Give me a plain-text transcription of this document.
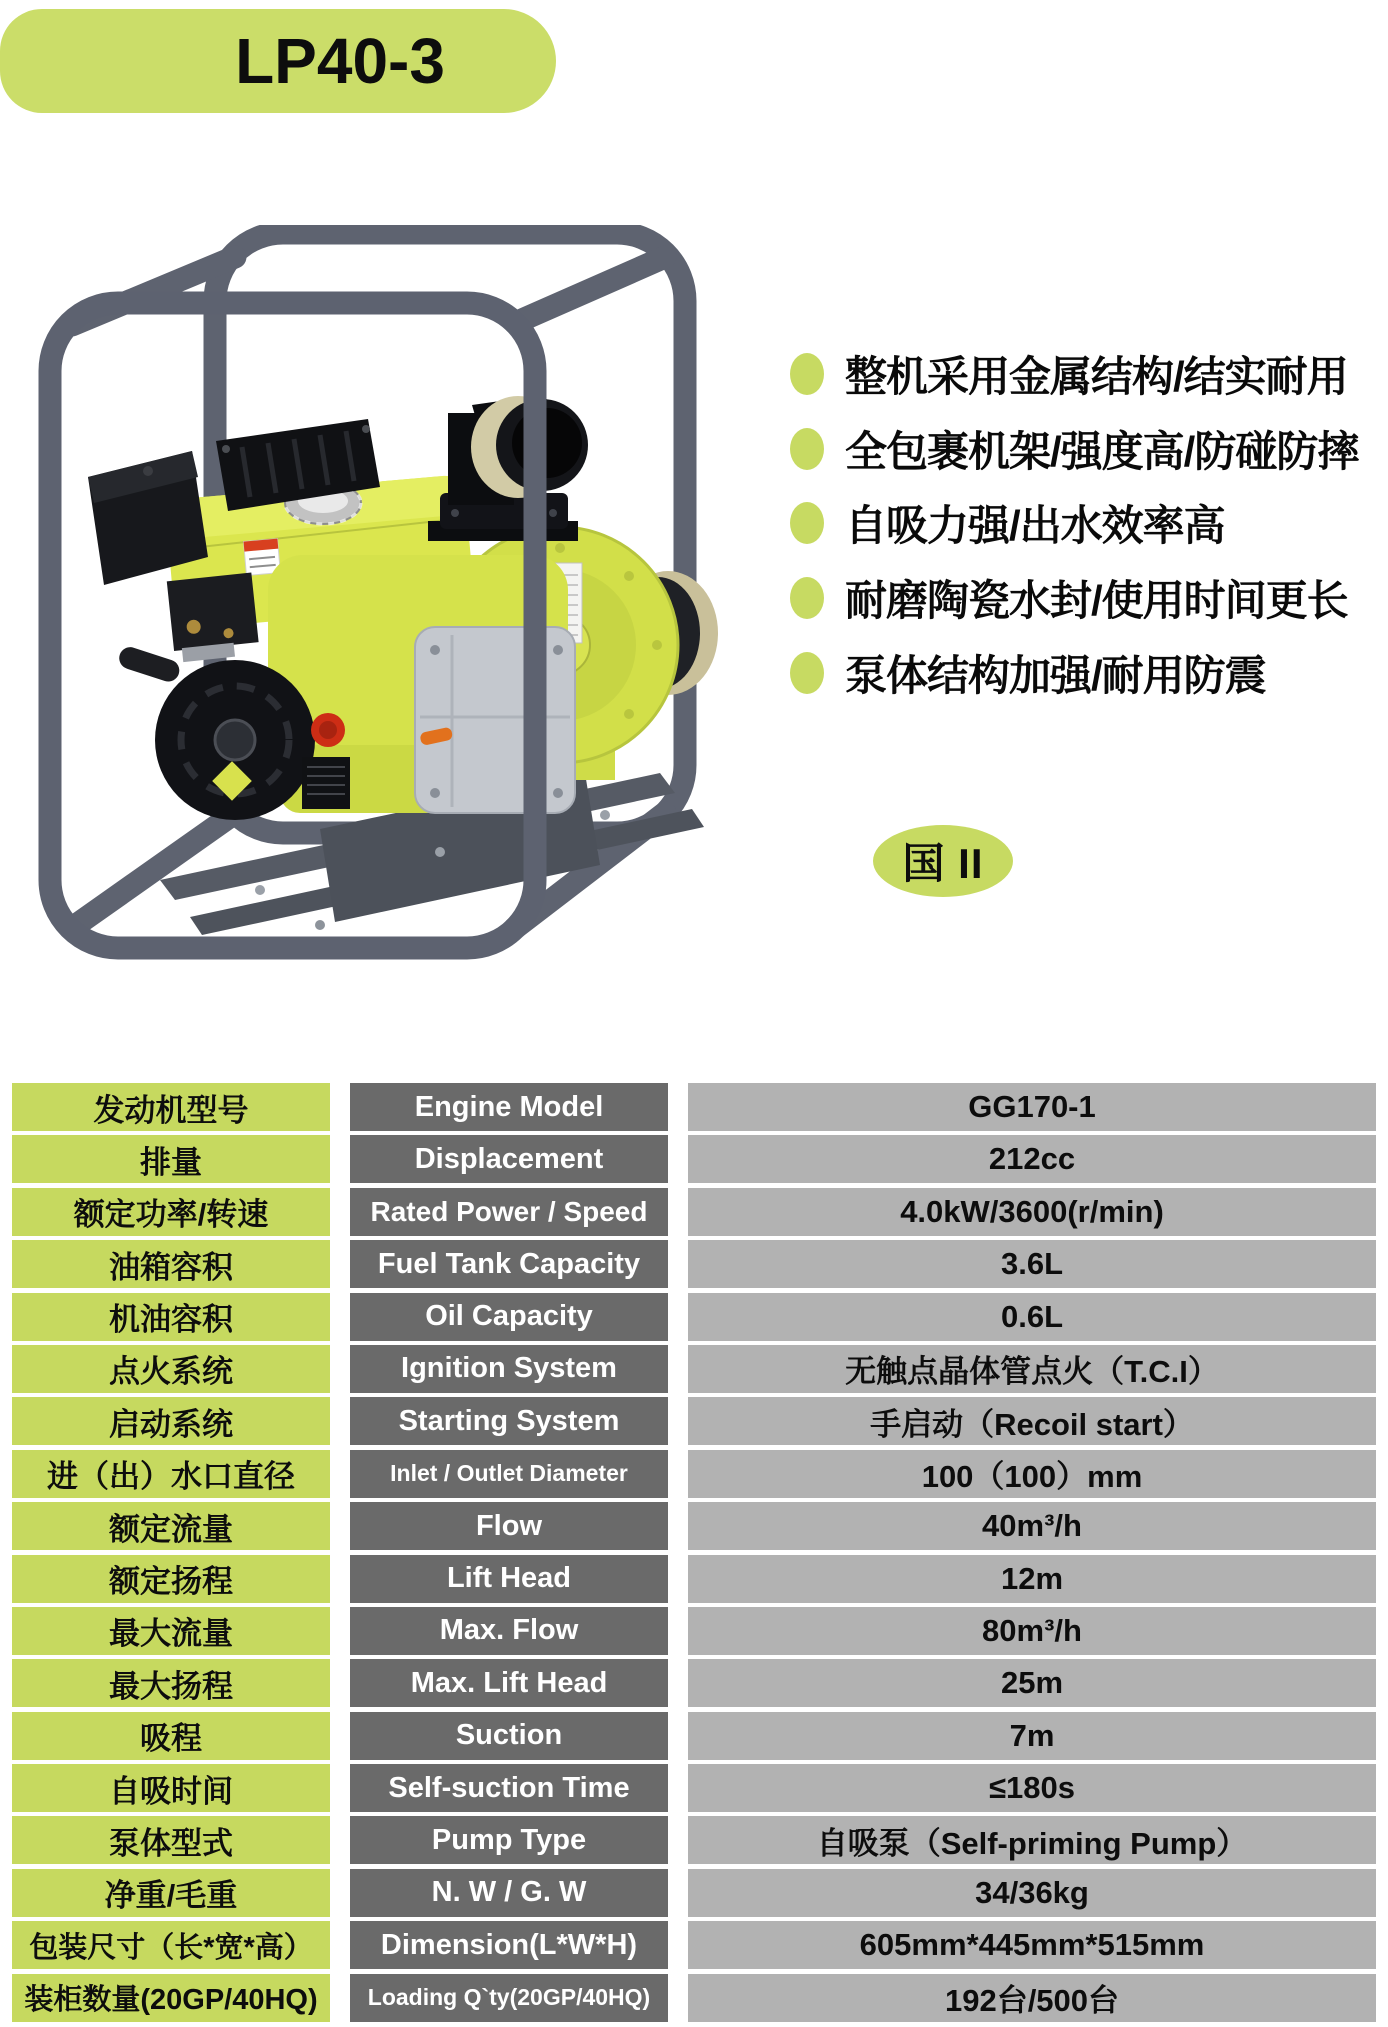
LP40-3
整机采用金属结构/结实耐用
全包裹机架/强度高/防碰防摔
自吸力强/出水效率高
耐磨陶瓷水封/使用时间更长
泵体结构加强/耐用防震
国 II
发动机型号	Engine Model	GG170-1
排量	Displacement	212cc
额定功率/转速	Rated Power / Speed	4.0kW/3600(r/min)
油箱容积	Fuel Tank Capacity	3.6L
机油容积	Oil Capacity	0.6L
点火系统	Ignition System	无触点晶体管点火（T.C.I）
启动系统	Starting System	手启动（Recoil start）
进（出）水口直径	Inlet / Outlet Diameter	100（100）mm
额定流量	Flow	40m³/h
额定扬程	Lift Head	12m
最大流量	Max. Flow	80m³/h
最大扬程	Max. Lift Head	25m
吸程	Suction	7m
自吸时间	Self-suction Time	≤180s
泵体型式	Pump Type	自吸泵（Self-priming Pump）
净重/毛重	N. W / G. W	34/36kg
包装尺寸（长*宽*高）	Dimension(L*W*H)	605mm*445mm*515mm
装柜数量(20GP/40HQ)	Loading Q`ty(20GP/40HQ)	192台/500台
